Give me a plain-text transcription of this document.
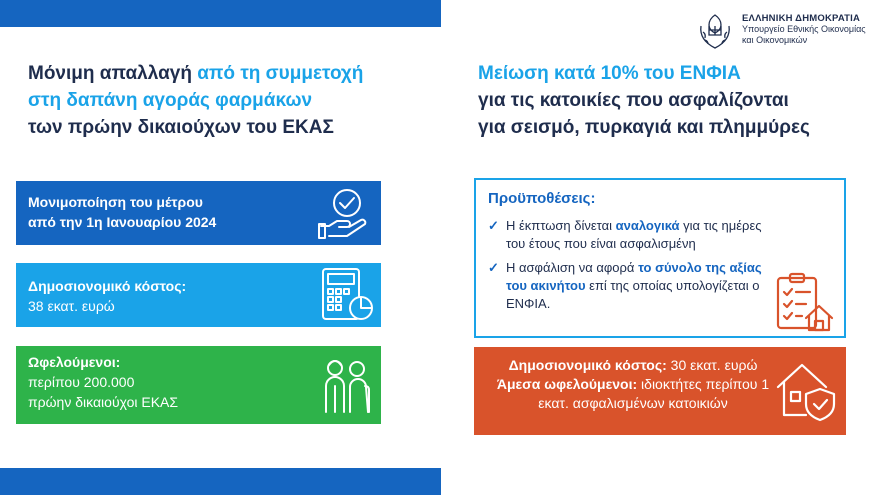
Μόνιμη απαλλαγή από τη συμμετοχή
στη δαπάνη αγοράς φαρμάκων
των πρώην δικαιούχων του ΕΚΑΣ
Μονιμοποίηση του μέτρου
από την 1η Ιανουαρίου 2024
Δημοσιονομικό κόστος:
38 εκατ. ευρώ
Ωφελούμενοι:
περίπου 200.000
πρώην δικαιούχοι ΕΚΑΣ
ΕΛΛΗΝΙΚΗ ΔΗΜΟΚΡΑΤΙΑ
Υπουργείο Εθνικής Οικονομίας
και Οικονομικών
Μείωση κατά 10% του ΕΝΦΙΑ
για τις κατοικίες που ασφαλίζονται
για σεισμό, πυρκαγιά και πλημμύρες
Προϋποθέσεις:
✓ Η έκπτωση δίνεται αναλογικά για τις ημέρες του έτους που είναι ασφαλισμένη
✓ Η ασφάλιση να αφορά το σύνολο της αξίας του ακινήτου επί της οποίας υπολογίζεται ο ΕΝΦΙΑ.
Δημοσιονομικό κόστος: 30 εκατ. ευρώ
Άμεσα ωφελούμενοι: ιδιοκτήτες περίπου 1 εκατ. ασφαλισμένων κατοικιών
